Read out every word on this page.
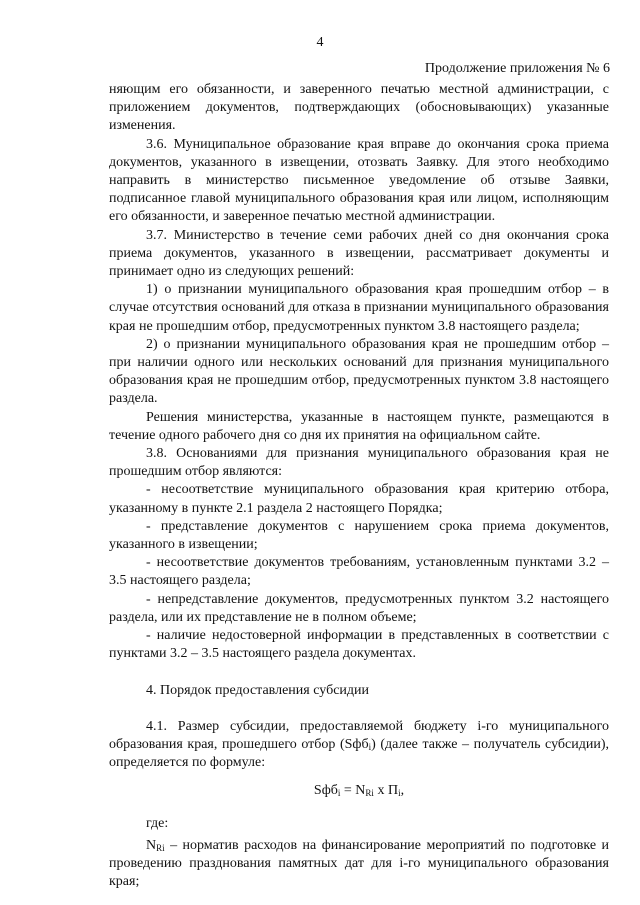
4
Продолжение приложения № 6

няющим его обязанности, и заверенного печатью местной администрации, с приложением документов, подтверждающих (обосновывающих) указанные изменения.

3.6. Муниципальное образование края вправе до окончания срока приема документов, указанного в извещении, отозвать Заявку. Для этого необходимо направить в министерство письменное уведомление об отзыве Заявки, подписанное главой муниципального образования края или лицом, исполняющим его обязанности, и заверенное печатью местной администрации.

3.7. Министерство в течение семи рабочих дней со дня окончания срока приема документов, указанного в извещении, рассматривает документы и принимает одно из следующих решений:

1) о признании муниципального образования края прошедшим отбор – в случае отсутствия оснований для отказа в признании муниципального образования края не прошедшим отбор, предусмотренных пунктом 3.8 настоящего раздела;

2) о признании муниципального образования края не прошедшим отбор – при наличии одного или нескольких оснований для признания муниципального образования края не прошедшим отбор, предусмотренных пунктом 3.8 настоящего раздела.

Решения министерства, указанные в настоящем пункте, размещаются в течение одного рабочего дня со дня их принятия на официальном сайте.

3.8. Основаниями для признания муниципального образования края не прошедшим отбор являются:

- несоответствие муниципального образования края критерию отбора, указанному в пункте 2.1 раздела 2 настоящего Порядка;

- представление документов с нарушением срока приема документов, указанного в извещении;

- несоответствие документов требованиям, установленным пунктами 3.2 – 3.5 настоящего раздела;

- непредставление документов, предусмотренных пунктом 3.2 настоящего раздела, или их представление не в полном объеме;

- наличие недостоверной информации в представленных в соответствии с пунктами 3.2 – 3.5 настоящего раздела документах.

4. Порядок предоставления субсидии

4.1. Размер субсидии, предоставляемой бюджету i-го муниципального образования края, прошедшего отбор (Sфб$_i$) (далее также – получатель субсидии), определяется по формуле:

$Sфб_i = N_{Ri}$ x $П_i$,

где:

$N_{Ri}$ – норматив расходов на финансирование мероприятий по подготовке и проведению празднования памятных дат для i-го муниципального образования края;
